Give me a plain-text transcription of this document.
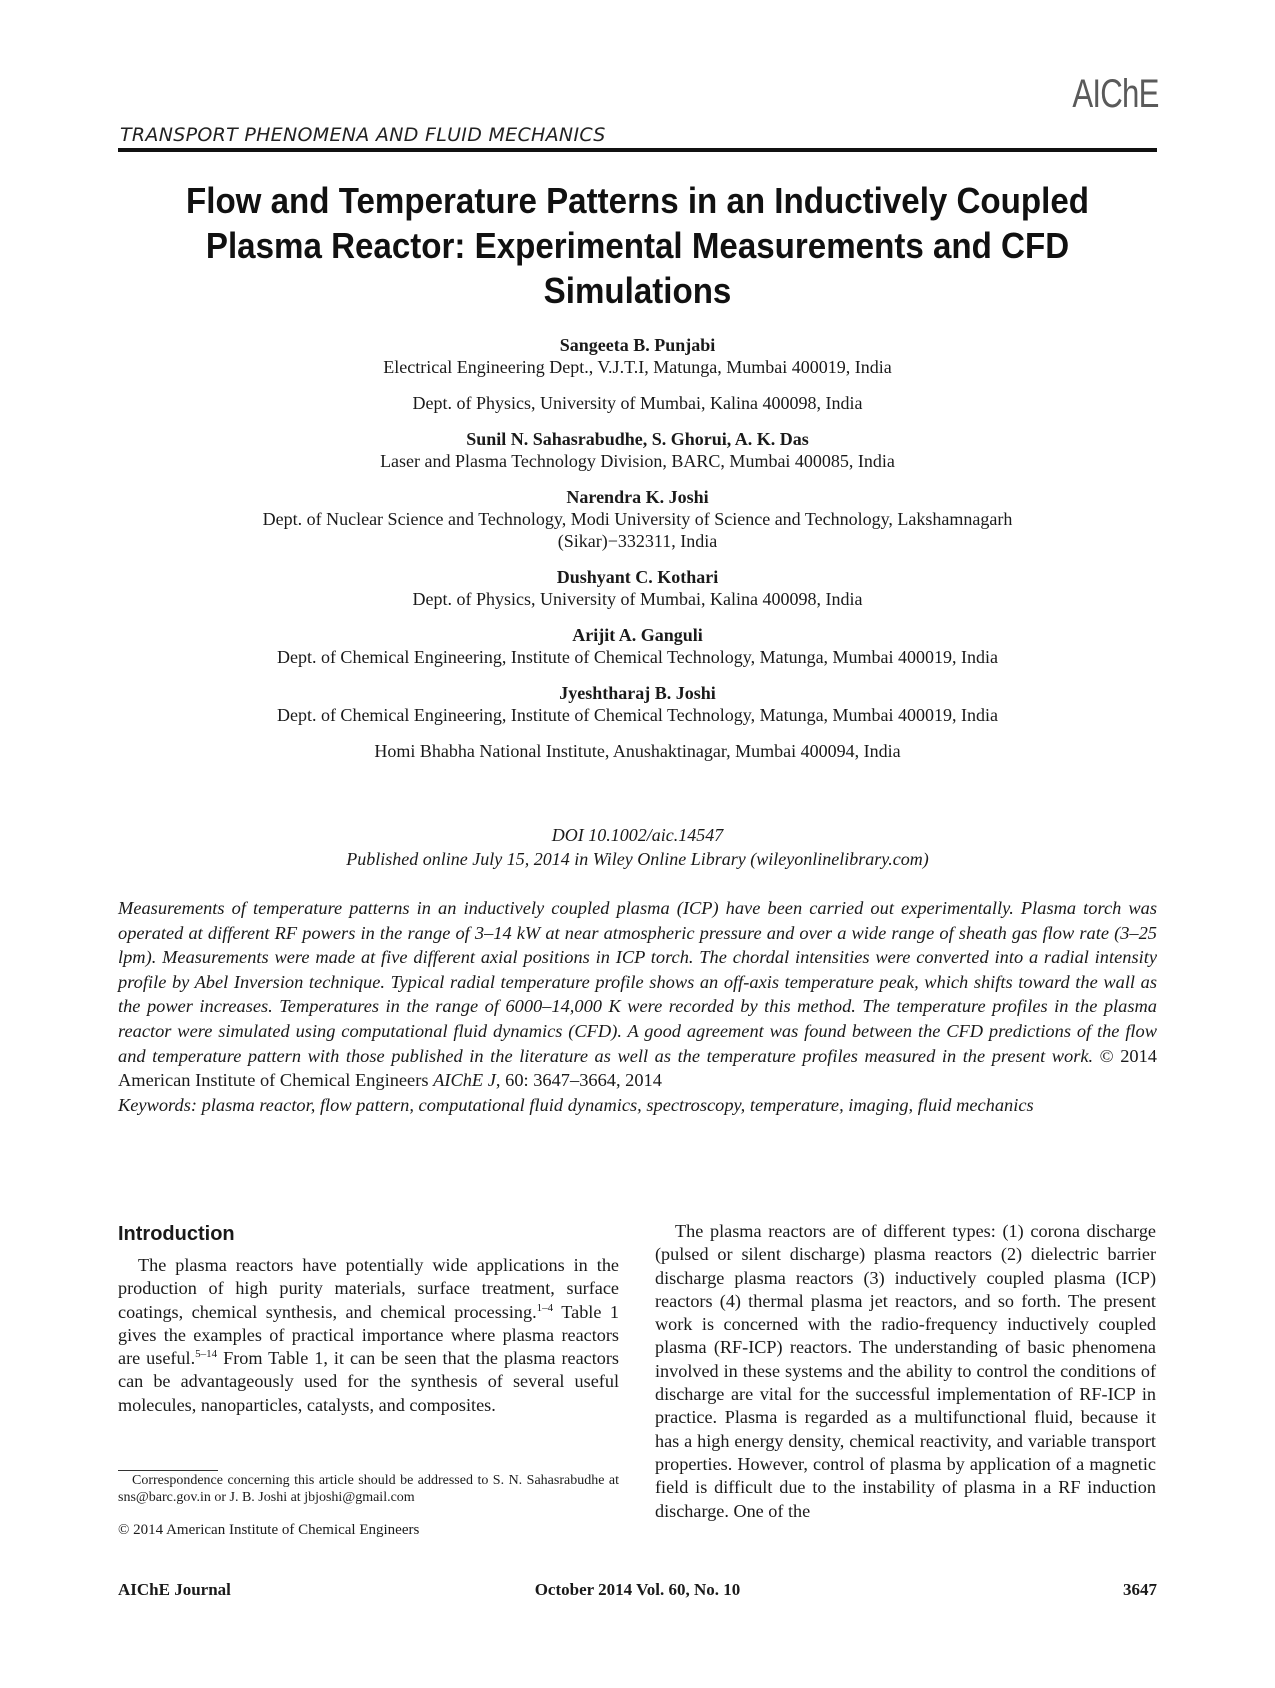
AIChE
TRANSPORT PHENOMENA AND FLUID MECHANICS
Flow and Temperature Patterns in an Inductively Coupled
Plasma Reactor: Experimental Measurements and CFD
Simulations
Sangeeta B. Punjabi
Electrical Engineering Dept., V.J.T.I, Matunga, Mumbai 400019, India
Dept. of Physics, University of Mumbai, Kalina 400098, India
Sunil N. Sahasrabudhe, S. Ghorui, A. K. Das
Laser and Plasma Technology Division, BARC, Mumbai 400085, India
Narendra K. Joshi
Dept. of Nuclear Science and Technology, Modi University of Science and Technology, Lakshamnagarh
(Sikar)−332311, India
Dushyant C. Kothari
Dept. of Physics, University of Mumbai, Kalina 400098, India
Arijit A. Ganguli
Dept. of Chemical Engineering, Institute of Chemical Technology, Matunga, Mumbai 400019, India
Jyeshtharaj B. Joshi
Dept. of Chemical Engineering, Institute of Chemical Technology, Matunga, Mumbai 400019, India
Homi Bhabha National Institute, Anushaktinagar, Mumbai 400094, India
DOI 10.1002/aic.14547
Published online July 15, 2014 in Wiley Online Library (wileyonlinelibrary.com)
Measurements of temperature patterns in an inductively coupled plasma (ICP) have been carried out experimentally. Plasma torch was operated at different RF powers in the range of 3–14 kW at near atmospheric pressure and over a wide range of sheath gas flow rate (3–25 lpm). Measurements were made at five different axial positions in ICP torch. The chordal intensities were converted into a radial intensity profile by Abel Inversion technique. Typical radial temperature profile shows an off-axis temperature peak, which shifts toward the wall as the power increases. Temperatures in the range of 6000–14,000 K were recorded by this method. The temperature profiles in the plasma reactor were simulated using computational fluid dynamics (CFD). A good agreement was found between the CFD predictions of the flow and temperature pattern with those published in the literature as well as the temperature profiles measured in the present work. © 2014 American Institute of Chemical Engineers AIChE J, 60: 3647–3664, 2014
Keywords: plasma reactor, flow pattern, computational fluid dynamics, spectroscopy, temperature, imaging, fluid mechanics
Introduction

The plasma reactors have potentially wide applications in the production of high purity materials, surface treatment, surface coatings, chemical synthesis, and chemical processing.$^{1-4}$ Table 1 gives the examples of practical importance where plasma reactors are useful.$^{5-14}$ From Table 1, it can be seen that the plasma reactors can be advantageously used for the synthesis of several useful molecules, nanoparticles, catalysts, and composites.

The plasma reactors are of different types: (1) corona discharge (pulsed or silent discharge) plasma reactors (2) dielectric barrier discharge plasma reactors (3) inductively coupled plasma (ICP) reactors (4) thermal plasma jet reactors, and so forth. The present work is concerned with the radio-frequency inductively coupled plasma (RF-ICP) reactors. The understanding of basic phenomena involved in these systems and the ability to control the conditions of discharge are vital for the successful implementation of RF-ICP in practice. Plasma is regarded as a multifunctional fluid, because it has a high energy density, chemical reactivity, and variable transport properties. However, control of plasma by application of a magnetic field is difficult due to the instability of plasma in a RF induction discharge. One of the

Correspondence concerning this article should be addressed to S. N. Sahasrabudhe at sns@barc.gov.in or J. B. Joshi at jbjoshi@gmail.com
© 2014 American Institute of Chemical Engineers
AIChE Journal	October 2014 Vol. 60, No. 10	3647
